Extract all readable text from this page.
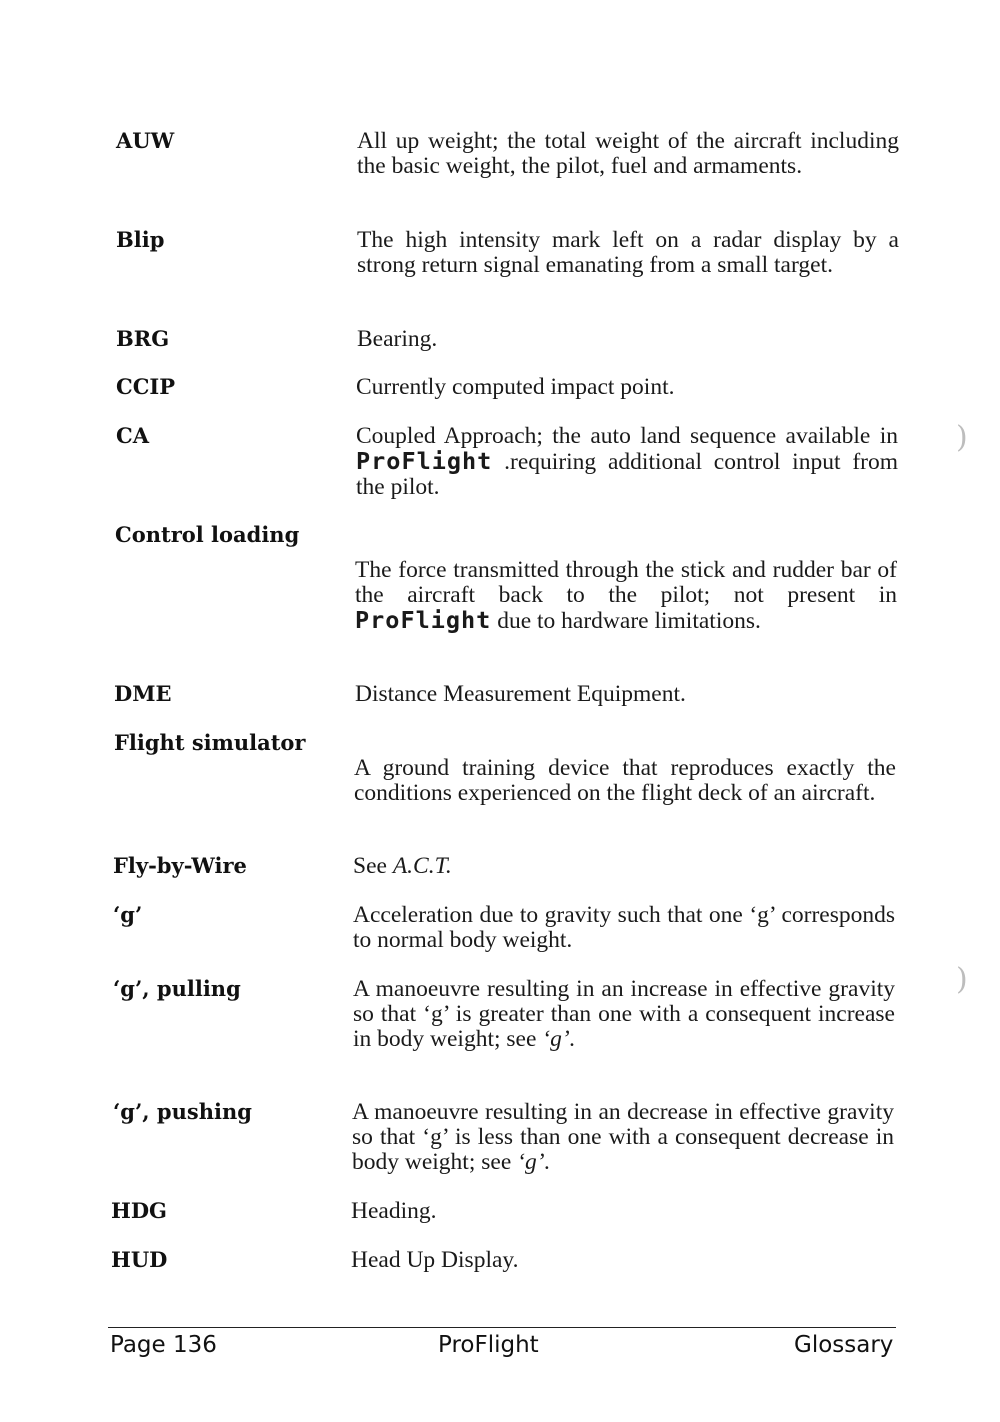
AUW	All up weight; the total weight of the aircraft including the basic weight, the pilot, fuel and armaments.
Blip	The high intensity mark left on a radar display by a strong return signal emanating from a small target.
BRG	Bearing.
CCIP	Currently computed impact point.
CA	Coupled Approach; the auto land sequence available in ProFlight .requiring additional control input from the pilot.
Control loading
The force transmitted through the stick and rudder bar of the aircraft back to the pilot; not present in ProFlight due to hardware limitations.
DME	Distance Measurement Equipment.
Flight simulator
A ground training device that reproduces exactly the conditions experienced on the flight deck of an aircraft.
Fly-by-Wire	See A.C.T.
‘g’	Acceleration due to gravity such that one ‘g’ corresponds to normal body weight.
‘g’, pulling	A manoeuvre resulting in an increase in effective gravity so that ‘g’ is greater than one with a consequent increase in body weight; see ‘g’.
‘g’, pushing	A manoeuvre resulting in an decrease in effective gravity so that ‘g’ is less than one with a consequent decrease in body weight; see ‘g’.
HDG	Heading.
HUD	Head Up Display.
)
)
Page 136	ProFlight	Glossary
